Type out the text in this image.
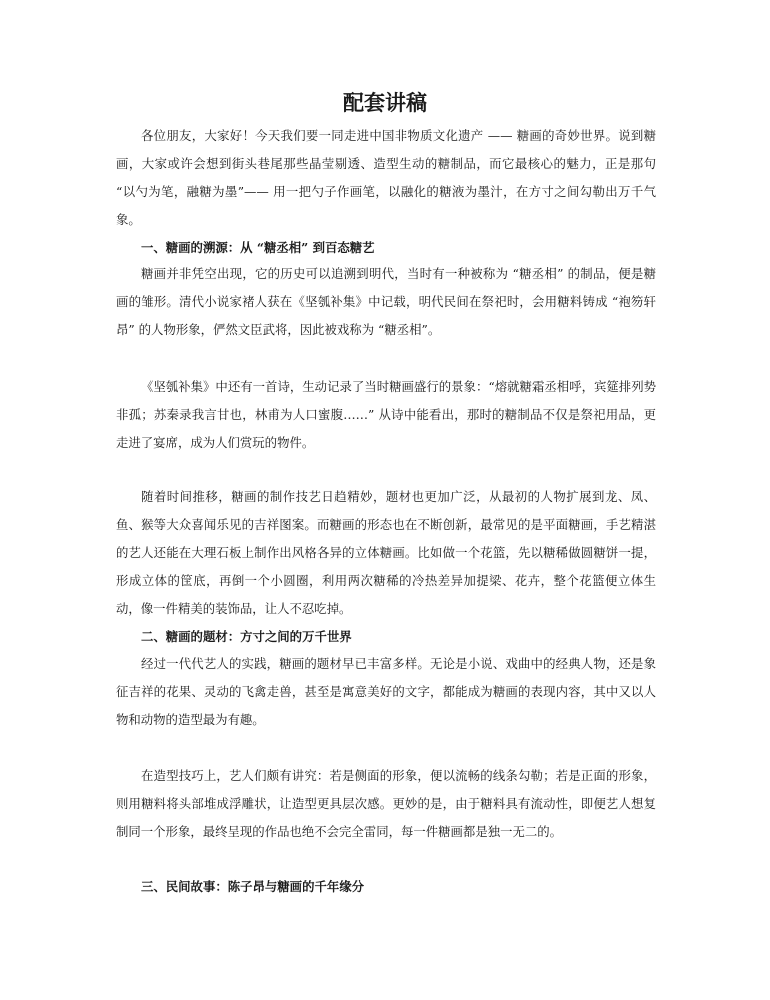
配套讲稿

各位朋友，大家好！今天我们要一同走进中国非物质文化遗产 —— 糖画的奇妙世界。说到糖画，大家或许会想到街头巷尾那些晶莹剔透、造型生动的糖制品，而它最核心的魅力，正是那句 “以勺为笔，融糖为墨”—— 用一把勺子作画笔，以融化的糖液为墨汁，在方寸之间勾勒出万千气象。

一、糖画的溯源：从 “糖丞相” 到百态糖艺

糖画并非凭空出现，它的历史可以追溯到明代，当时有一种被称为 “糖丞相” 的制品，便是糖画的雏形。清代小说家褚人获在《坚瓠补集》中记载，明代民间在祭祀时，会用糖料铸成 “袍笏轩昂” 的人物形象，俨然文臣武将，因此被戏称为 “糖丞相”。

《坚瓠补集》中还有一首诗，生动记录了当时糖画盛行的景象：“熔就糖霜丞相呼，宾筵排列势非孤；苏秦录我言甘也，林甫为人口蜜腹……” 从诗中能看出，那时的糖制品不仅是祭祀用品，更走进了宴席，成为人们赏玩的物件。

随着时间推移，糖画的制作技艺日趋精妙，题材也更加广泛，从最初的人物扩展到龙、凤、鱼、猴等大众喜闻乐见的吉祥图案。而糖画的形态也在不断创新，最常见的是平面糖画，手艺精湛的艺人还能在大理石板上制作出风格各异的立体糖画。比如做一个花篮，先以糖稀做圆糖饼一提，形成立体的筐底，再倒一个小圆圈，利用两次糖稀的冷热差异加提梁、花卉，整个花篮便立体生动，像一件精美的装饰品，让人不忍吃掉。

二、糖画的题材：方寸之间的万千世界

经过一代代艺人的实践，糖画的题材早已丰富多样。无论是小说、戏曲中的经典人物，还是象征吉祥的花果、灵动的飞禽走兽，甚至是寓意美好的文字，都能成为糖画的表现内容，其中又以人物和动物的造型最为有趣。

在造型技巧上，艺人们颇有讲究：若是侧面的形象，便以流畅的线条勾勒；若是正面的形象，则用糖料将头部堆成浮雕状，让造型更具层次感。更妙的是，由于糖料具有流动性，即便艺人想复制同一个形象，最终呈现的作品也绝不会完全雷同，每一件糖画都是独一无二的。

三、民间故事：陈子昂与糖画的千年缘分
